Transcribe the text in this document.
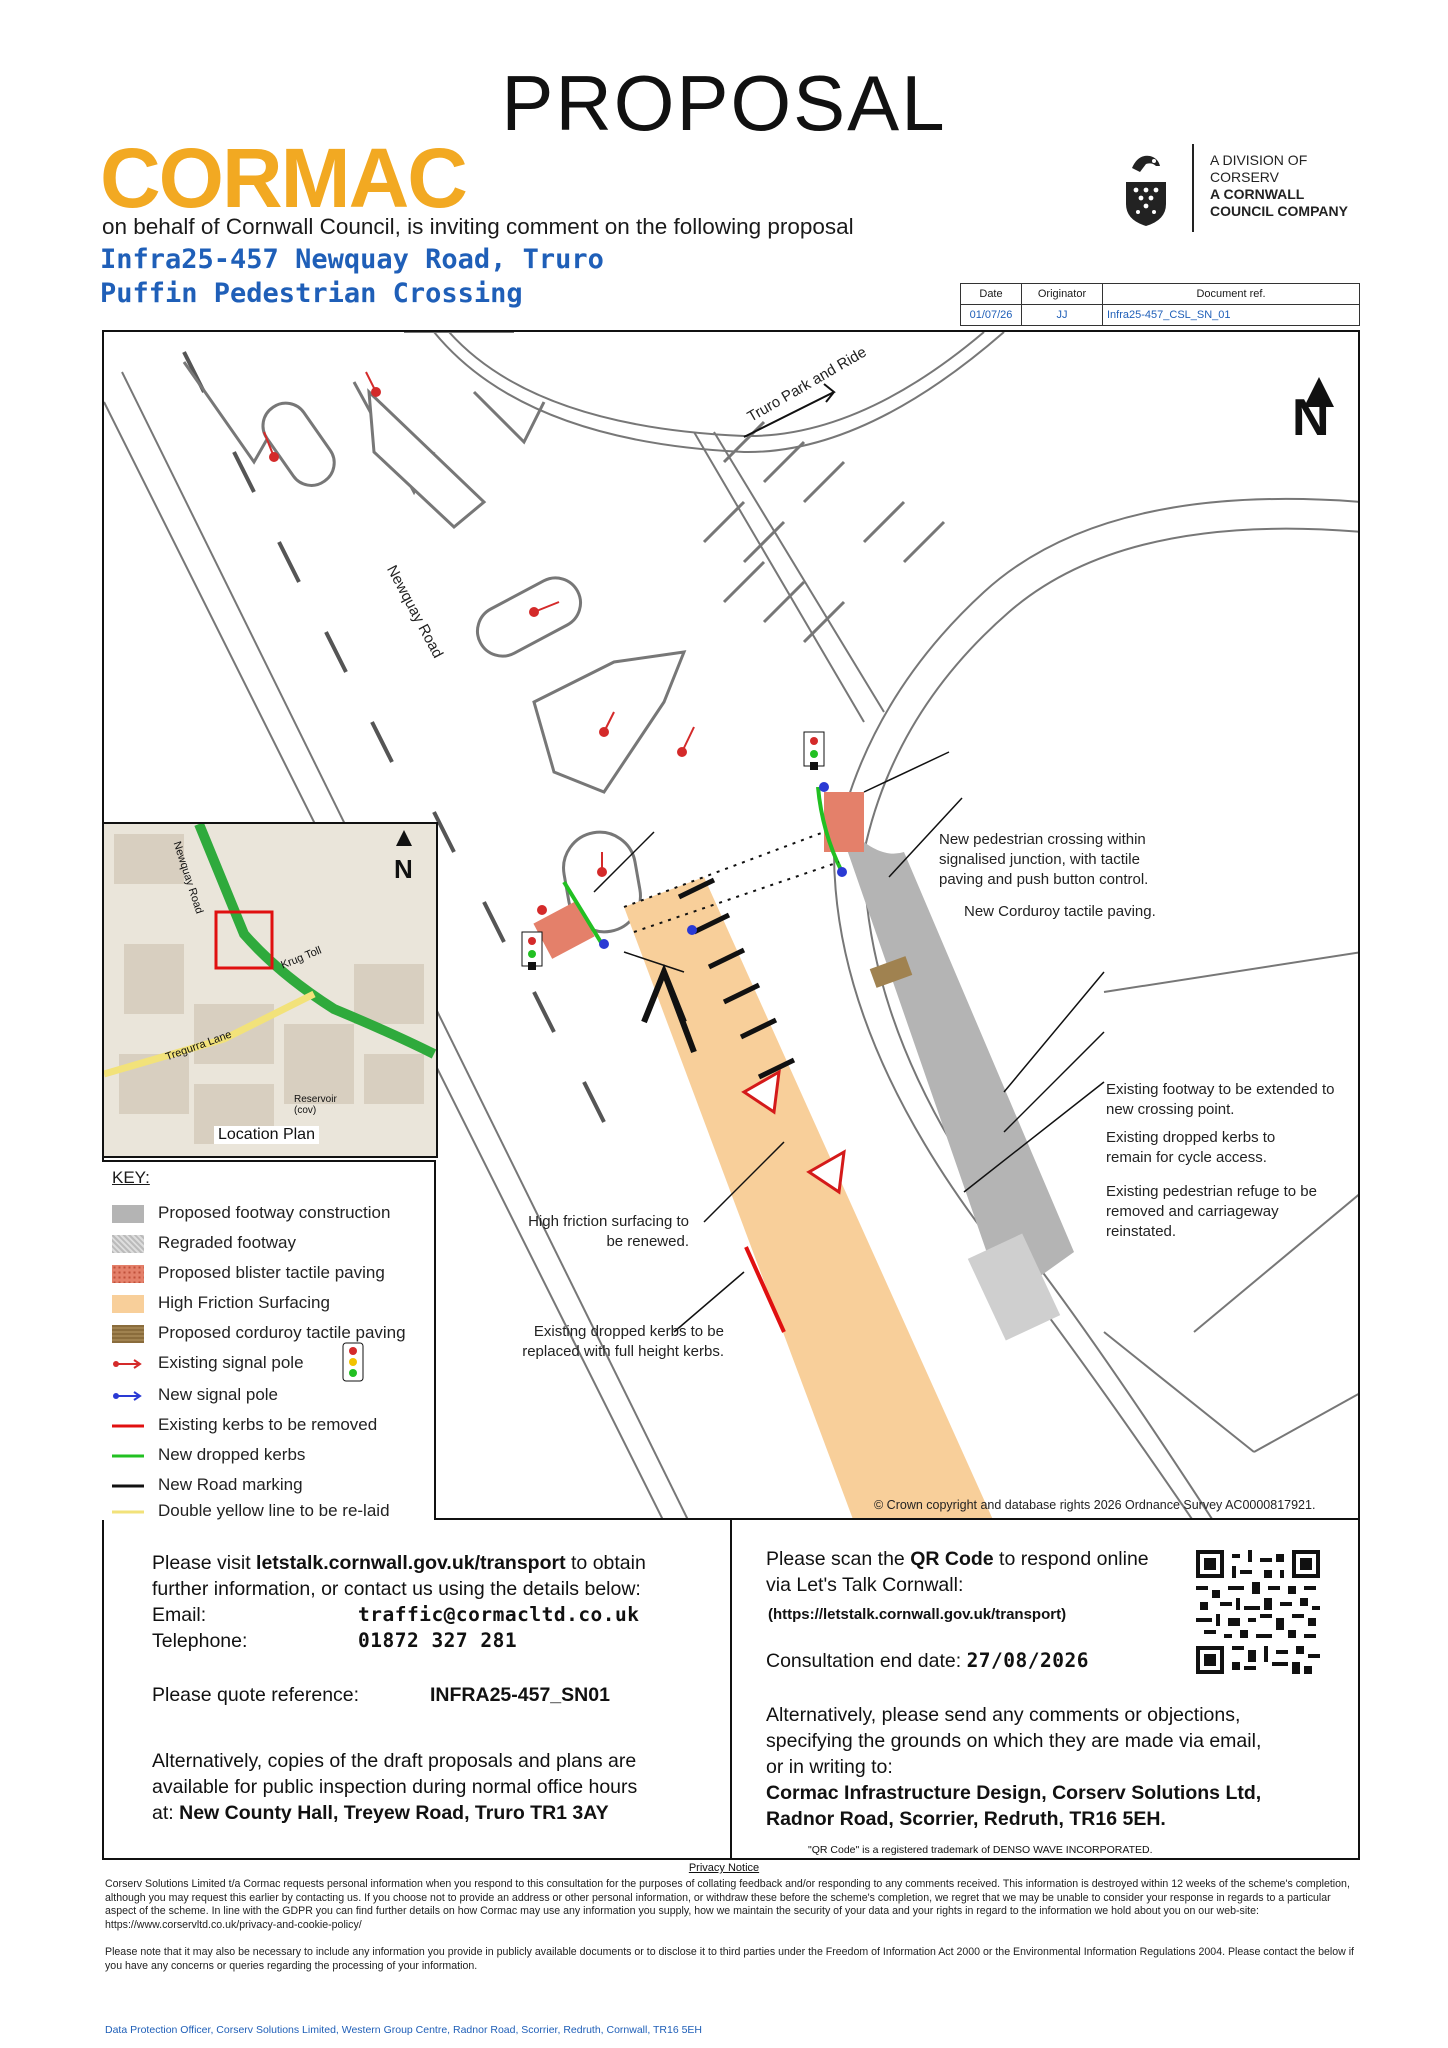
PROPOSAL
CORMAC
on behalf of Cornwall Council, is inviting comment on the following proposal
Infra25-457 Newquay Road, Truro
Puffin Pedestrian Crossing
A DIVISION OF
CORSERV
A CORNWALL
COUNCIL COMPANY
Date	Originator	Document ref.
01/07/26	JJ	Infra25-457_CSL_SN_01
N
Newquay Road
Truro Park and Ride
New pedestrian crossing within signalised junction, with tactile paving and push button control.
New Corduroy tactile paving.
Existing footway to be extended to new crossing point.
Existing dropped kerbs to remain for cycle access.
Existing pedestrian refuge to be removed and carriageway reinstated.
High friction surfacing to be renewed.
Existing dropped kerbs to be replaced with full height kerbs.
© Crown copyright and database rights 2026 Ordnance Survey AC0000817921.
N
Newquay Road
Krug Toll
Tregurra Lane
Reservoir (cov)
Location Plan
KEY:
Proposed footway construction
Regraded footway
Proposed blister tactile paving
High Friction Surfacing
Proposed corduroy tactile paving
Existing signal pole
New signal pole
Existing kerbs to be removed
New dropped kerbs
New Road marking
Double yellow line to be re-laid
Please visit letstalk.cornwall.gov.uk/transport to obtain
further information, or contact us using the details below:
Email:	traffic@cormacltd.co.uk
Telephone:	01872 327 281
Please quote reference:	INFRA25-457_SN01
Alternatively, copies of the draft proposals and plans are
available for public inspection during normal office hours
at: New County Hall, Treyew Road, Truro TR1 3AY
Please scan the QR Code to respond online
via Let's Talk Cornwall:
(https://letstalk.cornwall.gov.uk/transport)
Consultation end date: 27/08/2026
Alternatively, please send any comments or objections,
specifying the grounds on which they are made via email,
or in writing to:
Cormac Infrastructure Design, Corserv Solutions Ltd,
Radnor Road, Scorrier, Redruth, TR16 5EH.
"QR Code" is a registered trademark of DENSO WAVE INCORPORATED.
Privacy Notice
Corserv Solutions Limited t/a Cormac requests personal information when you respond to this consultation for the purposes of collating feedback and/or responding to any comments received. This information is destroyed within 12 weeks of the scheme's completion, although you may request this earlier by contacting us. If you choose not to provide an address or other personal information, or withdraw these before the scheme's completion, we regret that we may be unable to consider your response in regards to a particular aspect of the scheme. In line with the GDPR you can find further details on how Cormac may use any information you supply, how we maintain the security of your data and your rights in regard to the information we hold about you on our web-site: https://www.corservltd.co.uk/privacy-and-cookie-policy/
Please note that it may also be necessary to include any information you provide in publicly available documents or to disclose it to third parties under the Freedom of Information Act 2000 or the Environmental Information Regulations 2004. Please contact the below if you have any concerns or queries regarding the processing of your information.
Data Protection Officer, Corserv Solutions Limited, Western Group Centre, Radnor Road, Scorrier, Redruth, Cornwall, TR16 5EH
